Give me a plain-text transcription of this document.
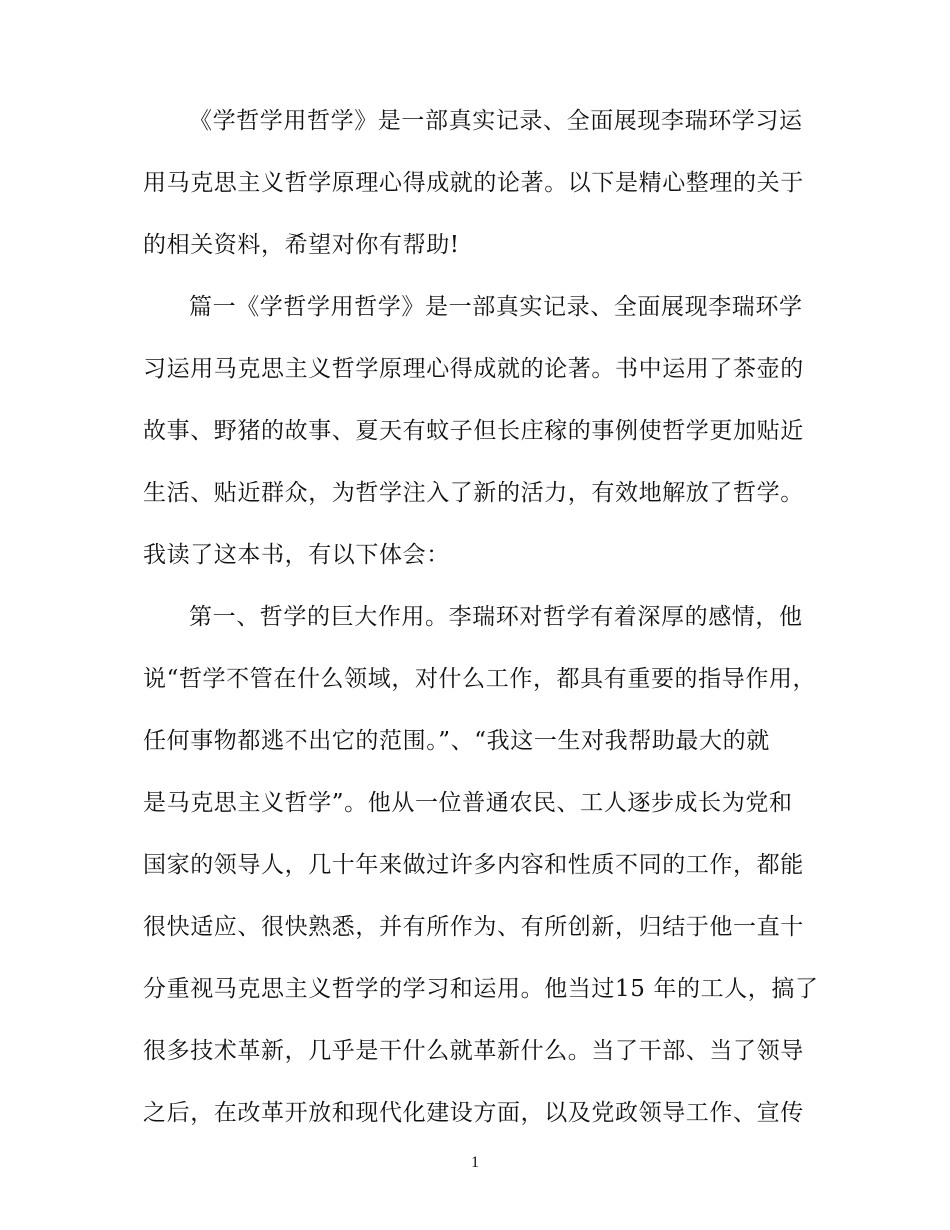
《学哲学用哲学》是一部真实记录、全面展现李瑞环学习运
用马克思主义哲学原理心得成就的论著。以下是精心整理的关于
的相关资料，希望对你有帮助!
篇一《学哲学用哲学》是一部真实记录、全面展现李瑞环学
习运用马克思主义哲学原理心得成就的论著。书中运用了茶壶的
故事、野猪的故事、夏天有蚊子但长庄稼的事例使哲学更加贴近
生活、贴近群众，为哲学注入了新的活力，有效地解放了哲学。
我读了这本书，有以下体会：
第一、哲学的巨大作用。李瑞环对哲学有着深厚的感情，他
说“哲学不管在什么领域，对什么工作，都具有重要的指导作用，
任何事物都逃不出它的范围。”、“我这一生对我帮助最大的就
是马克思主义哲学”。他从一位普通农民、工人逐步成长为党和
国家的领导人，几十年来做过许多内容和性质不同的工作，都能
很快适应、很快熟悉，并有所作为、有所创新，归结于他一直十
分重视马克思主义哲学的学习和运用。他当过15 年的工人，搞了
很多技术革新，几乎是干什么就革新什么。当了干部、当了领导
之后，在改革开放和现代化建设方面，以及党政领导工作、宣传
1
